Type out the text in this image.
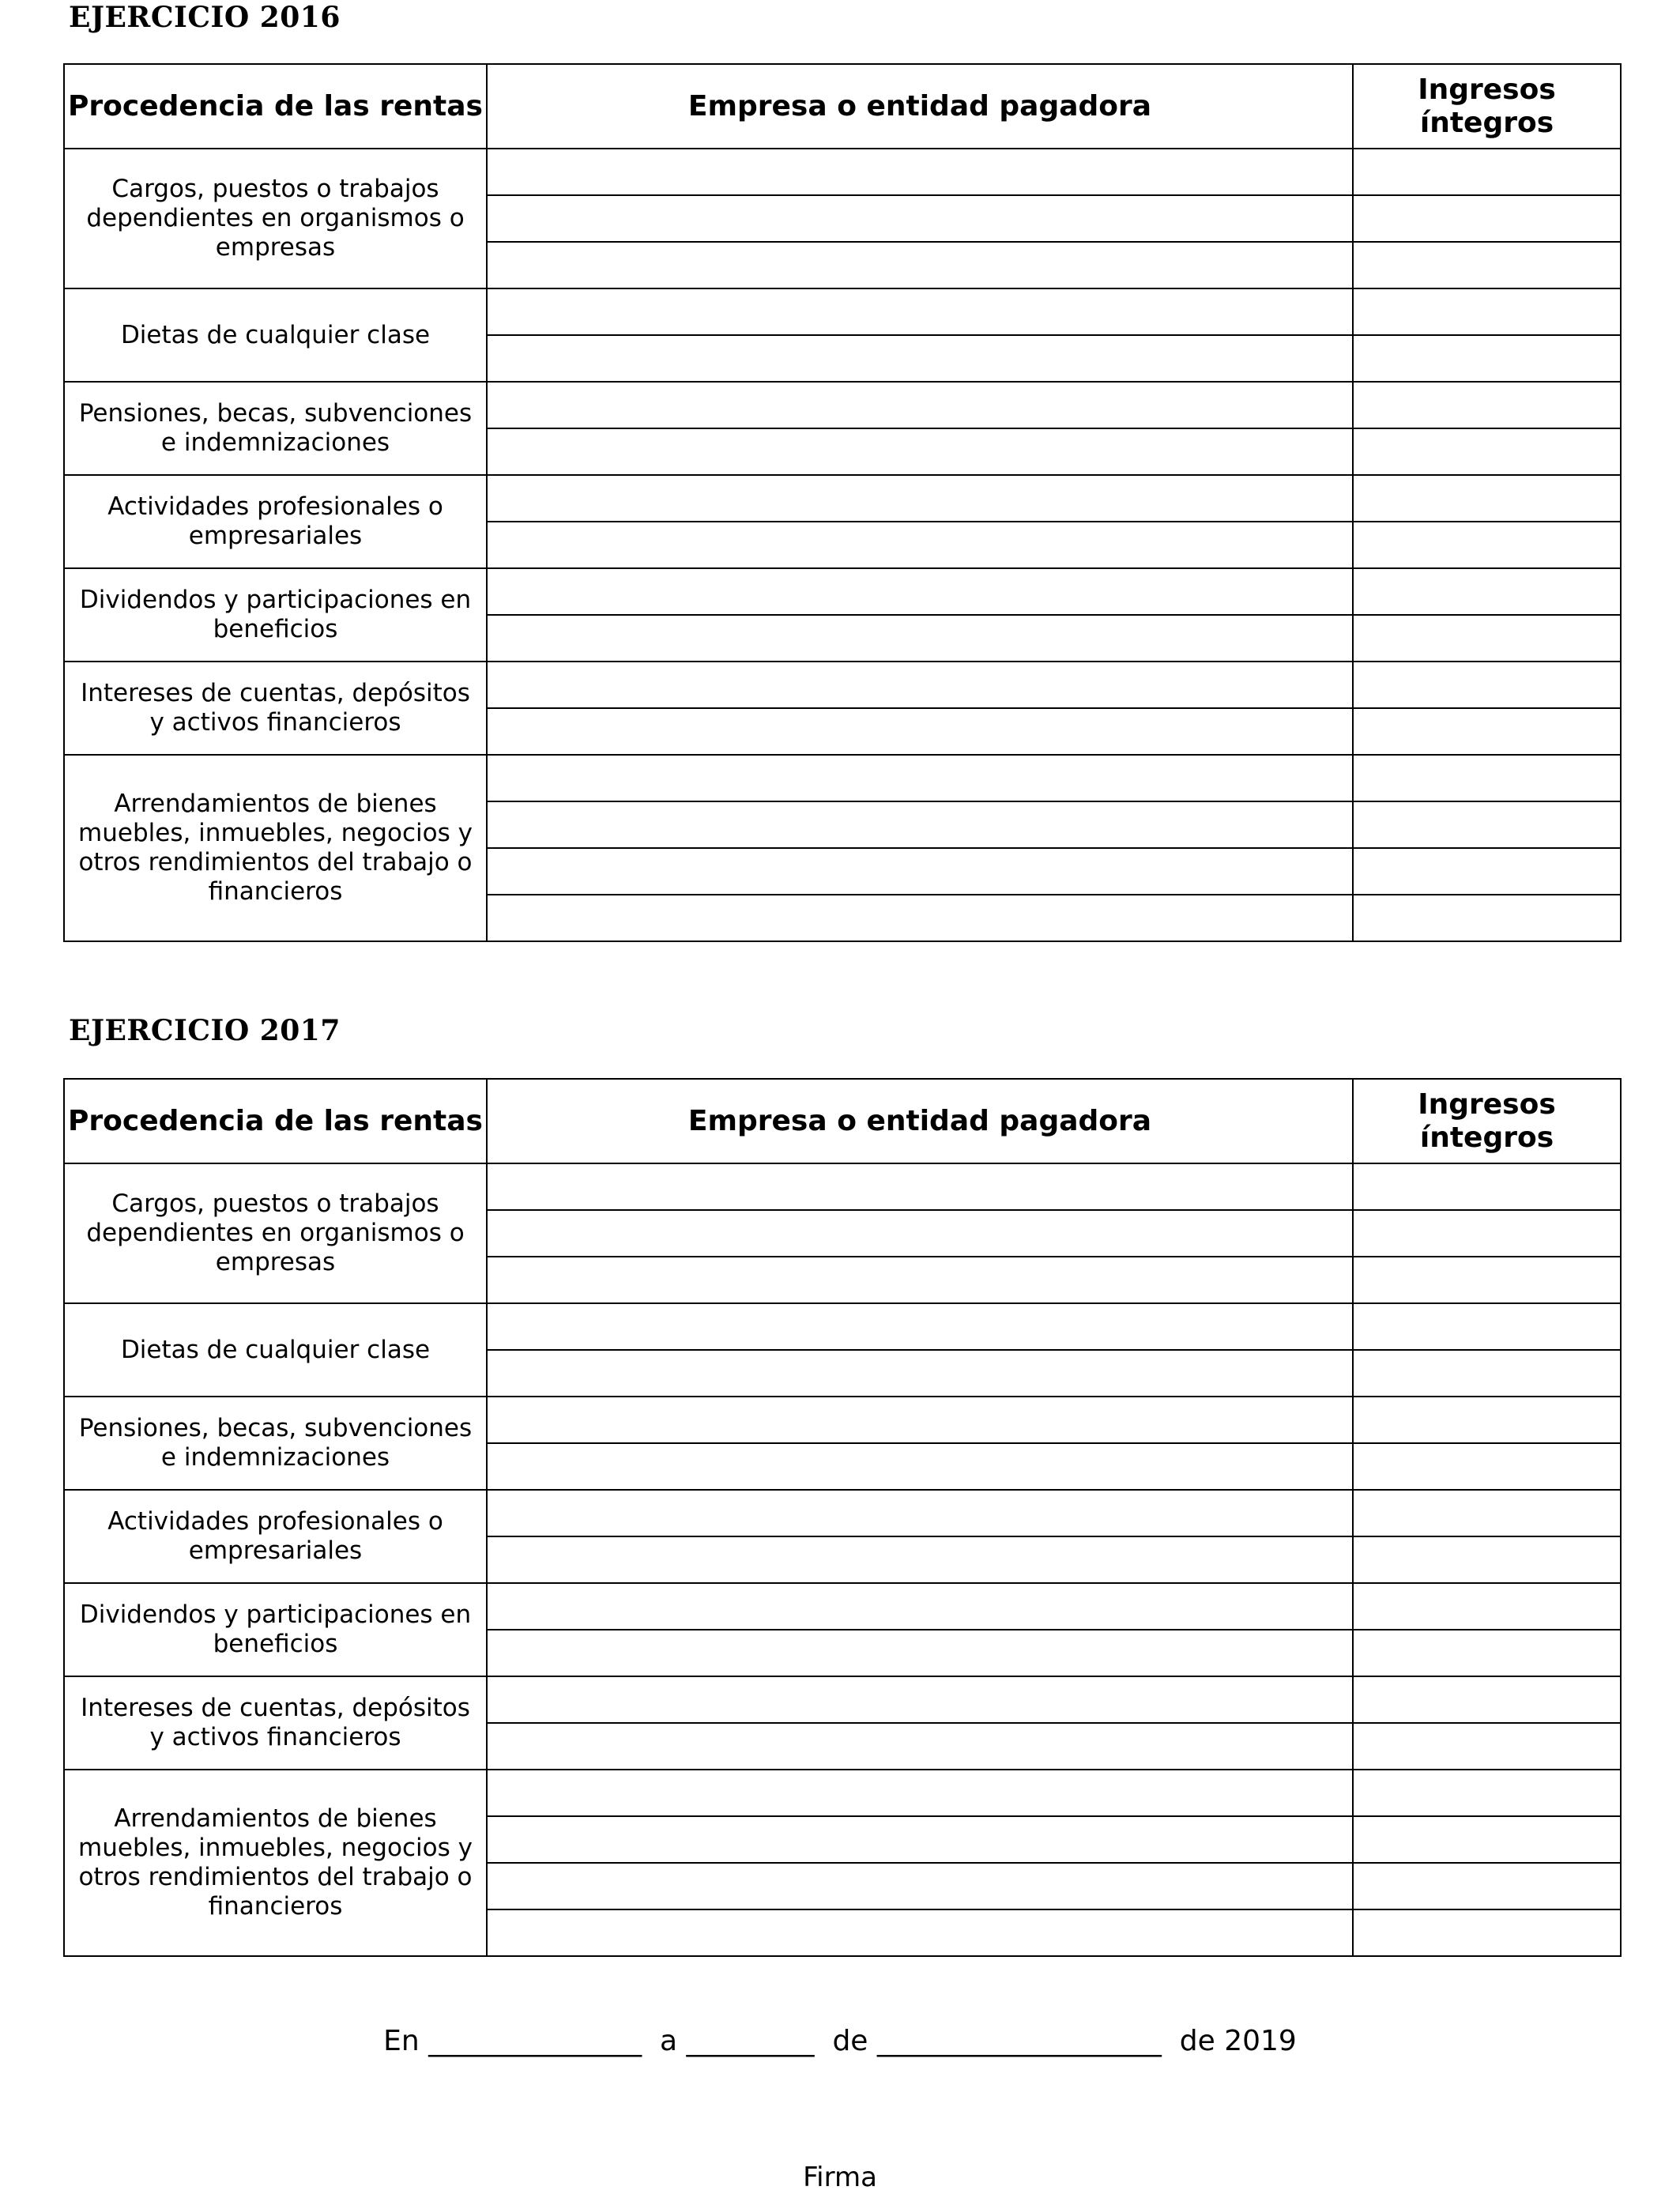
EJERCICIO 2016
Procedencia de las rentas	Empresa o entidad pagadora	Ingresos íntegros
Cargos, puestos o trabajos dependientes en organismos o empresas		

Dietas de cualquier clase		

Pensiones, becas, subvenciones e indemnizaciones		

Actividades profesionales o empresariales		

Dividendos y participaciones en beneficios		

Intereses de cuentas, depósitos y activos financieros		

Arrendamientos de bienes muebles, inmuebles, negocios y otros rendimientos del trabajo o financieros		

EJERCICIO 2017
Procedencia de las rentas	Empresa o entidad pagadora	Ingresos íntegros
Cargos, puestos o trabajos dependientes en organismos o empresas		

Dietas de cualquier clase		

Pensiones, becas, subvenciones e indemnizaciones		

Actividades profesionales o empresariales		

Dividendos y participaciones en beneficios		

Intereses de cuentas, depósitos y activos financieros		

Arrendamientos de bienes muebles, inmuebles, negocios y otros rendimientos del trabajo o financieros		

En _______________  a _________  de ____________________  de 2019
Firma
